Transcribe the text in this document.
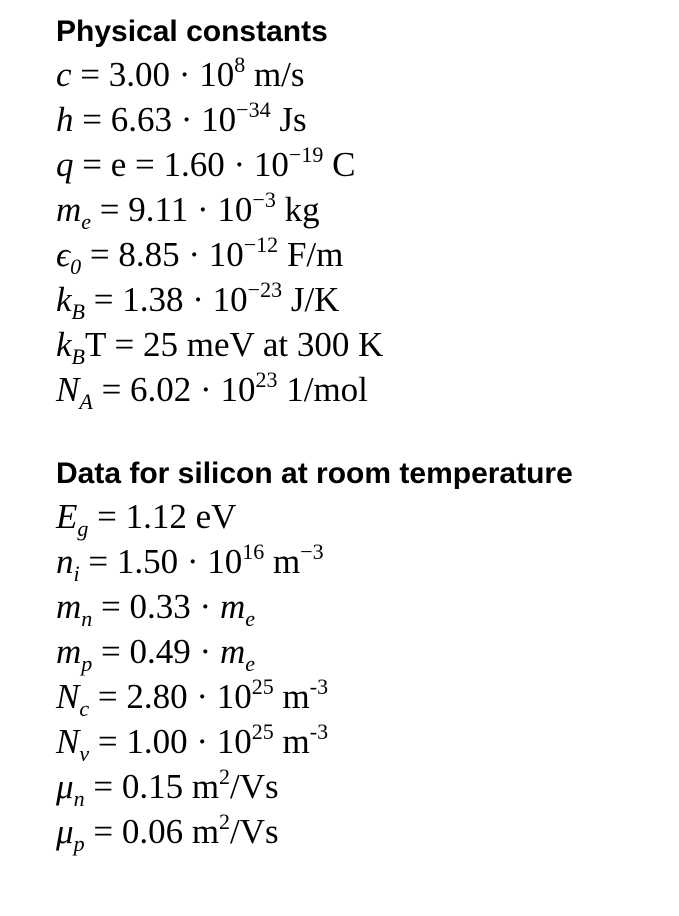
Physical constants
$c = 3.00 \cdot 10^8$ m/s
$h = 6.63 \cdot 10^{-34}$ Js
$q = e = 1.60 \cdot 10^{-19}$ C
$m_e = 9.11 \cdot 10^{-3}$ kg
$\epsilon_0 = 8.85 \cdot 10^{-12}$ F/m
$k_B = 1.38 \cdot 10^{-23}$ J/K
$k_BT = 25$ meV at 300 K
$N_A = 6.02 \cdot 10^{23}$ 1/mol
Data for silicon at room temperature
$E_g = 1.12$ eV
$n_i = 1.50 \cdot 10^{16}$ $m^{-3}$
$m_n = 0.33 \cdot m_e$
$m_p = 0.49 \cdot m_e$
$N_c = 2.80 \cdot 10^{25}$ $m^{-3}$
$N_v = 1.00 \cdot 10^{25}$ $m^{-3}$
$\mu_n = 0.15$ $m^2/Vs$
$\mu_p = 0.06$ $m^2/Vs$
